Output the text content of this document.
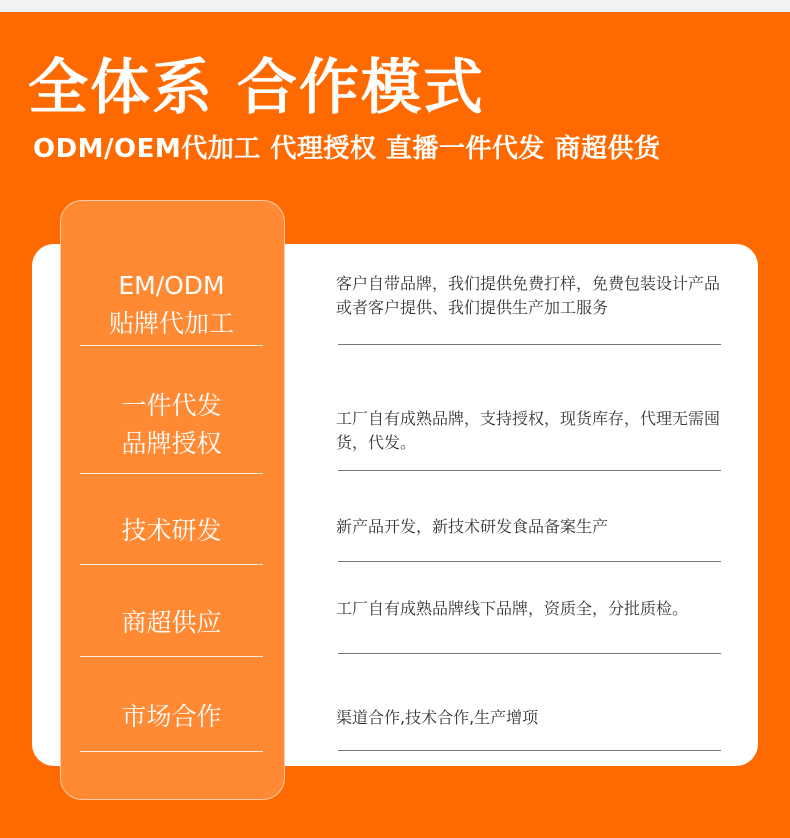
全体系 合作模式
ODM/OEM代加工 代理授权 直播一件代发 商超供货
EM/ODM
贴牌代加工
一件代发
品牌授权
技术研发
商超供应
市场合作
客户自带品牌，我们提供免费打样，免费包装设计产品或者客户提供、我们提供生产加工服务
工厂自有成熟品牌，支持授权，现货库存，代理无需囤货，代发。
新产品开发，新技术研发食品备案生产
工厂自有成熟品牌线下品牌，资质全，分批质检。
渠道合作,技术合作,生产增项
